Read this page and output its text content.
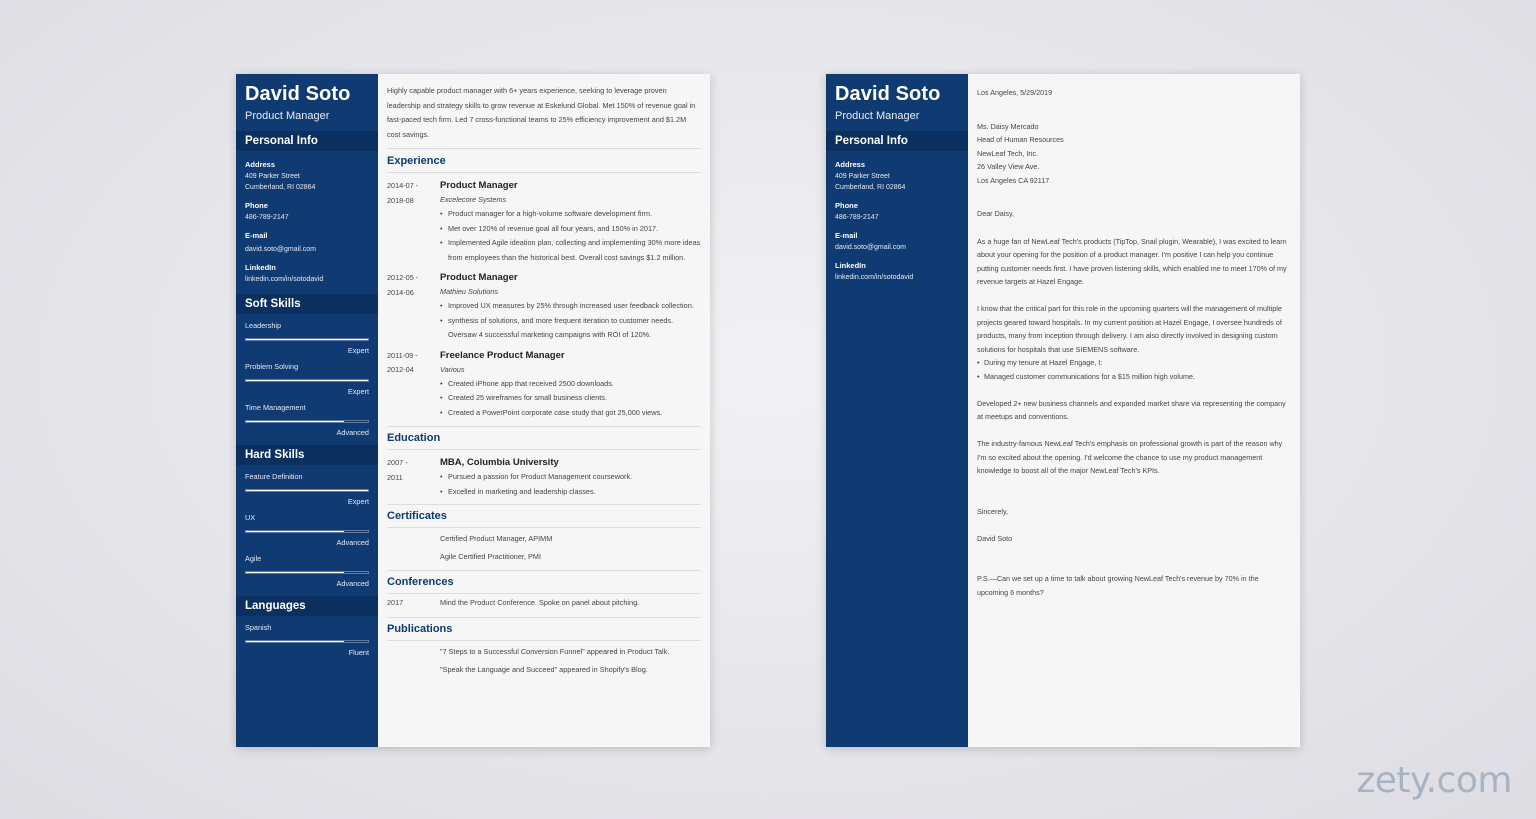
David Soto
Product Manager
Personal Info
Address
409 Parker Street
Cumberland, RI 02864
Phone
486-789-2147
E-mail
david.soto@gmail.com
LinkedIn
linkedin.com/in/sotodavid
Soft Skills
Leadership
Expert
Problem Solving
Expert
Time Management
Advanced
Hard Skills
Feature Definition
Expert
UX
Advanced
Agile
Advanced
Languages
Spanish
Fluent
Highly capable product manager with 6+ years experience, seeking to leverage proven leadership and strategy skills to grow revenue at Eskelund Global. Met 150% of revenue goal in fast-paced tech firm. Led 7 cross-functional teams to 25% efficiency improvement and $1.2M cost savings.
Experience
2014-07 -
2018-08
Product Manager
Excelecore Systems
• Product manager for a high-volume software development firm.
• Met over 120% of revenue goal all four years, and 150% in 2017.
• Implemented Agile ideation plan, collecting and implementing 30% more ideas from employees than the historical best. Overall cost savings $1.2 million.
2012-05 -
2014-06
Product Manager
Mathieu Solutions
• Improved UX measures by 25% through increased user feedback collection.
• synthesis of solutions, and more frequent iteration to customer needs. Oversaw 4 successful marketing campaigns with ROI of 120%.
2011-09 -
2012-04
Freelance Product Manager
Various
• Created iPhone app that received 2500 downloads.
• Created 25 wireframes for small business clients.
• Created a PowerPoint corporate case study that got 25,000 views.
Education
2007 -
2011
MBA, Columbia University
• Pursued a passion for Product Management coursework.
• Excelled in marketing and leadership classes.
Certificates
Certified Product Manager, APIMM
Agile Certified Practitioner, PMI
Conferences
2017	Mind the Product Conference. Spoke on panel about pitching.
Publications
"7 Steps to a Successful Conversion Funnel" appeared in Product Talk.
"Speak the Language and Succeed" appeared in Shopify's Blog.
David Soto
Product Manager
Personal Info
Address
409 Parker Street
Cumberland, RI 02864
Phone
486-789-2147
E-mail
david.soto@gmail.com
LinkedIn
linkedin.com/in/sotodavid

Los Angeles, 5/29/2019

Ms. Daisy Mercado
Head of Human Resources
NewLeaf Tech, Inc.
26 Valley View Ave.
Los Angeles CA 92117

Dear Daisy,

As a huge fan of NewLeaf Tech's products (TipTop, Snail plugin, Wearable), I was excited to learn about your opening for the position of a product manager. I'm positive I can help you continue putting customer needs first. I have proven listening skills, which enabled me to meet 170% of my revenue targets at Hazel Engage.

I know that the critical part for this role in the upcoming quarters will the management of multiple projects geared toward hospitals. In my current position at Hazel Engage, I oversee hundreds of products, many from inception through delivery. I am also directly involved in designing custom solutions for hospitals that use SIEMENS software.

• During my tenure at Hazel Engage, I:
• Managed customer communications for a $15 million high volume.

Developed 2+ new business channels and expanded market share via representing the company at meetups and conventions.

The industry-famous NewLeaf Tech's emphasis on professional growth is part of the reason why I'm so excited about the opening. I'd welcome the chance to use my product management knowledge to boost all of the major NewLeaf Tech's KPIs.

Sincerely,

David Soto

P.S.—Can we set up a time to talk about growing NewLeaf Tech's revenue by 70% in the upcoming 6 months?

zety.com
